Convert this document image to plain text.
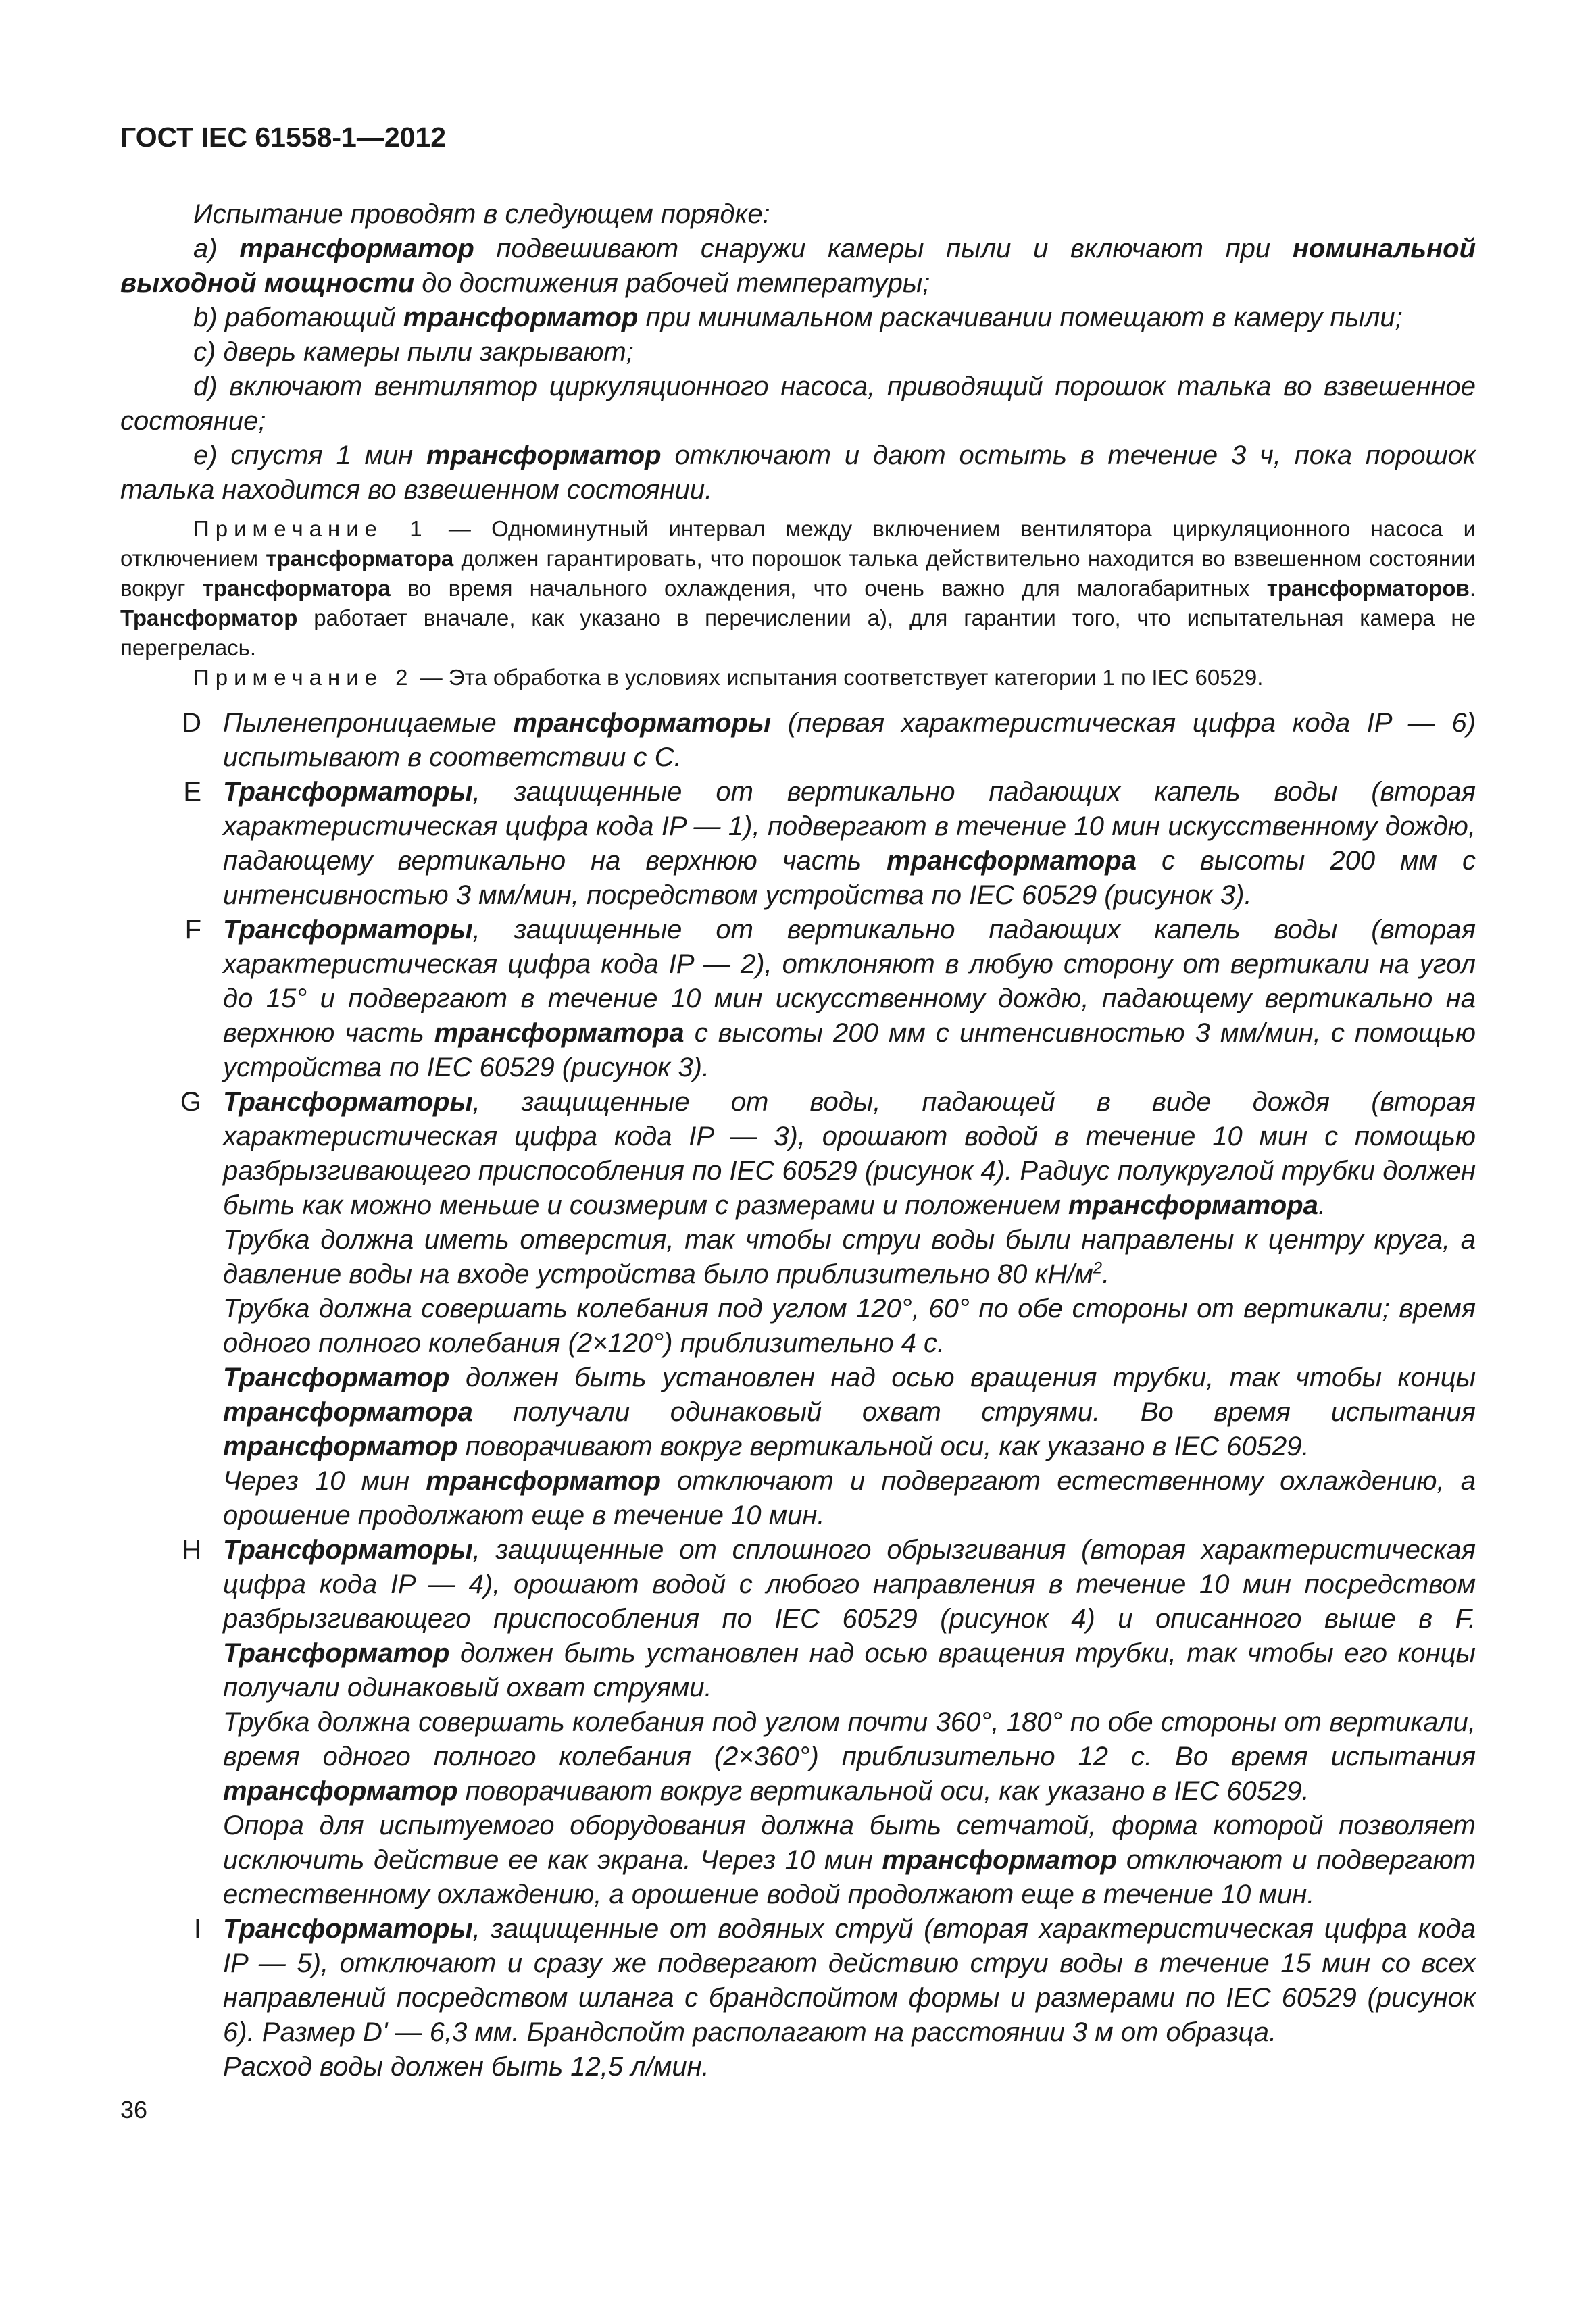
ГОСТ IEC 61558-1—2012

Испытание проводят в следующем порядке:

a) трансформатор подвешивают снаружи камеры пыли и включают при номинальной выходной мощности до достижения рабочей температуры;

b) работающий трансформатор при минимальном раскачивании помещают в камеру пыли;

c) дверь камеры пыли закрывают;

d) включают вентилятор циркуляционного насоса, приводящий порошок талька во взвешенное состояние;

e) спустя 1 мин трансформатор отключают и дают остыть в течение 3 ч, пока порошок талька находится во взвешенном состоянии.

Примечание 1 — Одноминутный интервал между включением вентилятора циркуляционного насоса и отключением трансформатора должен гарантировать, что порошок талька действительно находится во взвешенном состоянии вокруг трансформатора во время начального охлаждения, что очень важно для малогабаритных трансформаторов. Трансформатор работает вначале, как указано в перечислении а), для гарантии того, что испытательная камера не перегрелась.

Примечание 2 — Эта обработка в условиях испытания соответствует категории 1 по IEC 60529.

D Пыленепроницаемые трансформаторы (первая характеристическая цифра кода IP — 6) испытывают в соответствии с С.

E Трансформаторы, защищенные от вертикально падающих капель воды (вторая характеристическая цифра кода IP — 1), подвергают в течение 10 мин искусственному дождю, падающему вертикально на верхнюю часть трансформатора с высоты 200 мм с интенсивностью 3 мм/мин, посредством устройства по IEC 60529 (рисунок 3).

F Трансформаторы, защищенные от вертикально падающих капель воды (вторая характеристическая цифра кода IP — 2), отклоняют в любую сторону от вертикали на угол до 15° и подвергают в течение 10 мин искусственному дождю, падающему вертикально на верхнюю часть трансформатора с высоты 200 мм с интенсивностью 3 мм/мин, с помощью устройства по IEC 60529 (рисунок 3).

G Трансформаторы, защищенные от воды, падающей в виде дождя (вторая характеристическая цифра кода IP — 3), орошают водой в течение 10 мин с помощью разбрызгивающего приспособления по IEC 60529 (рисунок 4). Радиус полукруглой трубки должен быть как можно меньше и соизмерим с размерами и положением трансформатора.

Трубка должна иметь отверстия, так чтобы струи воды были направлены к центру круга, а давление воды на входе устройства было приблизительно 80 $кН/м^2$.

Трубка должна совершать колебания под углом 120°, 60° по обе стороны от вертикали; время одного полного колебания (2×120°) приблизительно 4 с.

Трансформатор должен быть установлен над осью вращения трубки, так чтобы концы трансформатора получали одинаковый охват струями. Во время испытания трансформатор поворачивают вокруг вертикальной оси, как указано в IEC 60529.

Через 10 мин трансформатор отключают и подвергают естественному охлаждению, а орошение продолжают еще в течение 10 мин.

H Трансформаторы, защищенные от сплошного обрызгивания (вторая характеристическая цифра кода IP — 4), орошают водой с любого направления в течение 10 мин посредством разбрызгивающего приспособления по IEC 60529 (рисунок 4) и описанного выше в F. Трансформатор должен быть установлен над осью вращения трубки, так чтобы его концы получали одинаковый охват струями.

Трубка должна совершать колебания под углом почти 360°, 180° по обе стороны от вертикали, время одного полного колебания (2×360°) приблизительно 12 с. Во время испытания трансформатор поворачивают вокруг вертикальной оси, как указано в IEC 60529.

Опора для испытуемого оборудования должна быть сетчатой, форма которой позволяет исключить действие ее как экрана. Через 10 мин трансформатор отключают и подвергают естественному охлаждению, а орошение водой продолжают еще в течение 10 мин.

I Трансформаторы, защищенные от водяных струй (вторая характеристическая цифра кода IP — 5), отключают и сразу же подвергают действию струи воды в течение 15 мин со всех направлений посредством шланга с брандспойтом формы и размерами по IEC 60529 (рисунок 6). Размер D' — 6,3 мм. Брандспойт располагают на расстоянии 3 м от образца.

Расход воды должен быть 12,5 л/мин.

36
